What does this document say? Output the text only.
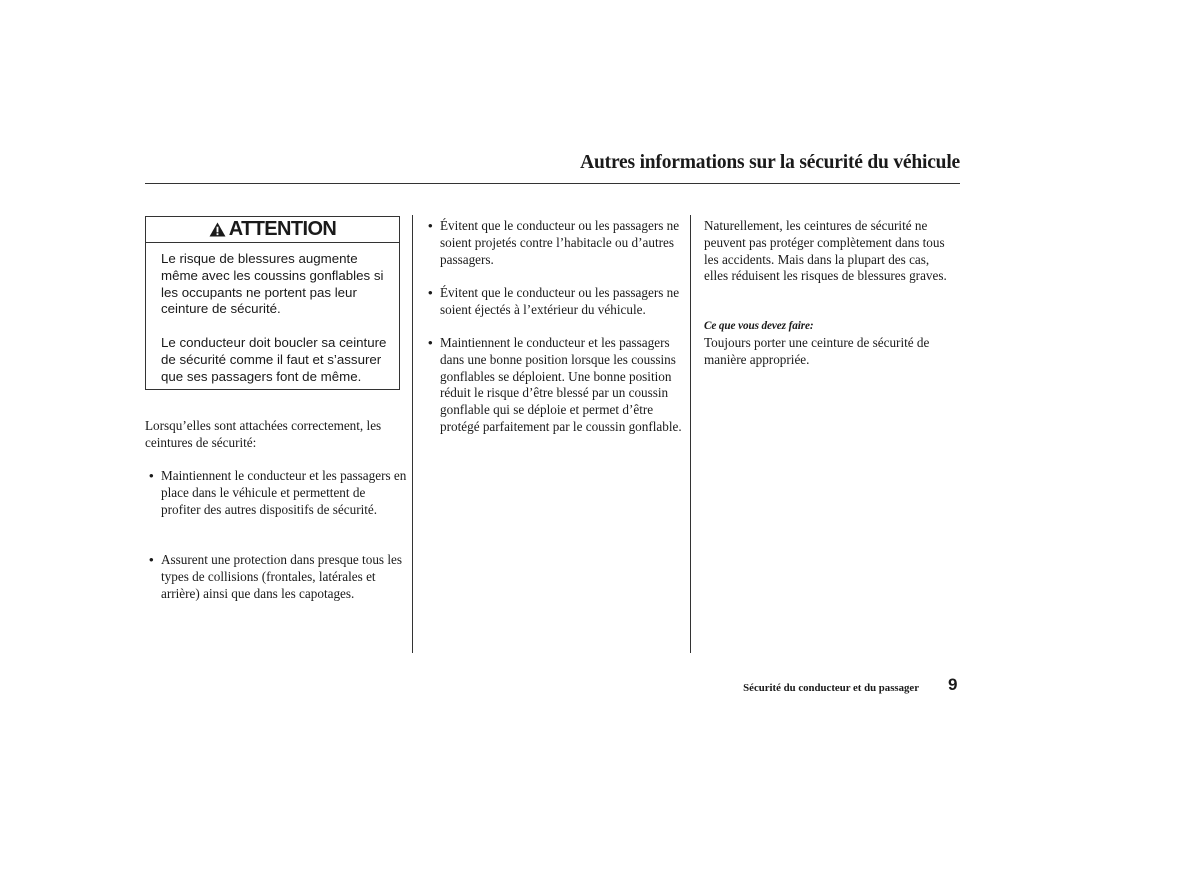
Autres informations sur la sécurité du véhicule
ATTENTION

Le risque de blessures augmente même avec les coussins gonflables si les occupants ne portent pas leur ceinture de sécurité.

Le conducteur doit boucler sa ceinture de sécurité comme il faut et s’assurer que ses passagers font de même.

Lorsqu’elles sont attachées correctement, les ceintures de sécurité:

• Maintiennent le conducteur et les passagers en place dans le véhicule et permettent de profiter des autres dispositifs de sécurité.
• Assurent une protection dans presque tous les types de collisions (frontales, latérales et arrière) ainsi que dans les capotages.
• Évitent que le conducteur ou les passagers ne soient projetés contre l’habitacle ou d’autres passagers.
• Évitent que le conducteur ou les passagers ne soient éjectés à l’extérieur du véhicule.
• Maintiennent le conducteur et les passagers dans une bonne position lorsque les coussins gonflables se déploient. Une bonne position réduit le risque d’être blessé par un coussin gonflable qui se déploie et permet d’être protégé parfaitement par le coussin gonflable.

Naturellement, les ceintures de sécurité ne peuvent pas protéger complètement dans tous les accidents. Mais dans la plupart des cas, elles réduisent les risques de blessures graves.

Ce que vous devez faire:

Toujours porter une ceinture de sécurité de manière appropriée.

Sécurité du conducteur et du passager 9
